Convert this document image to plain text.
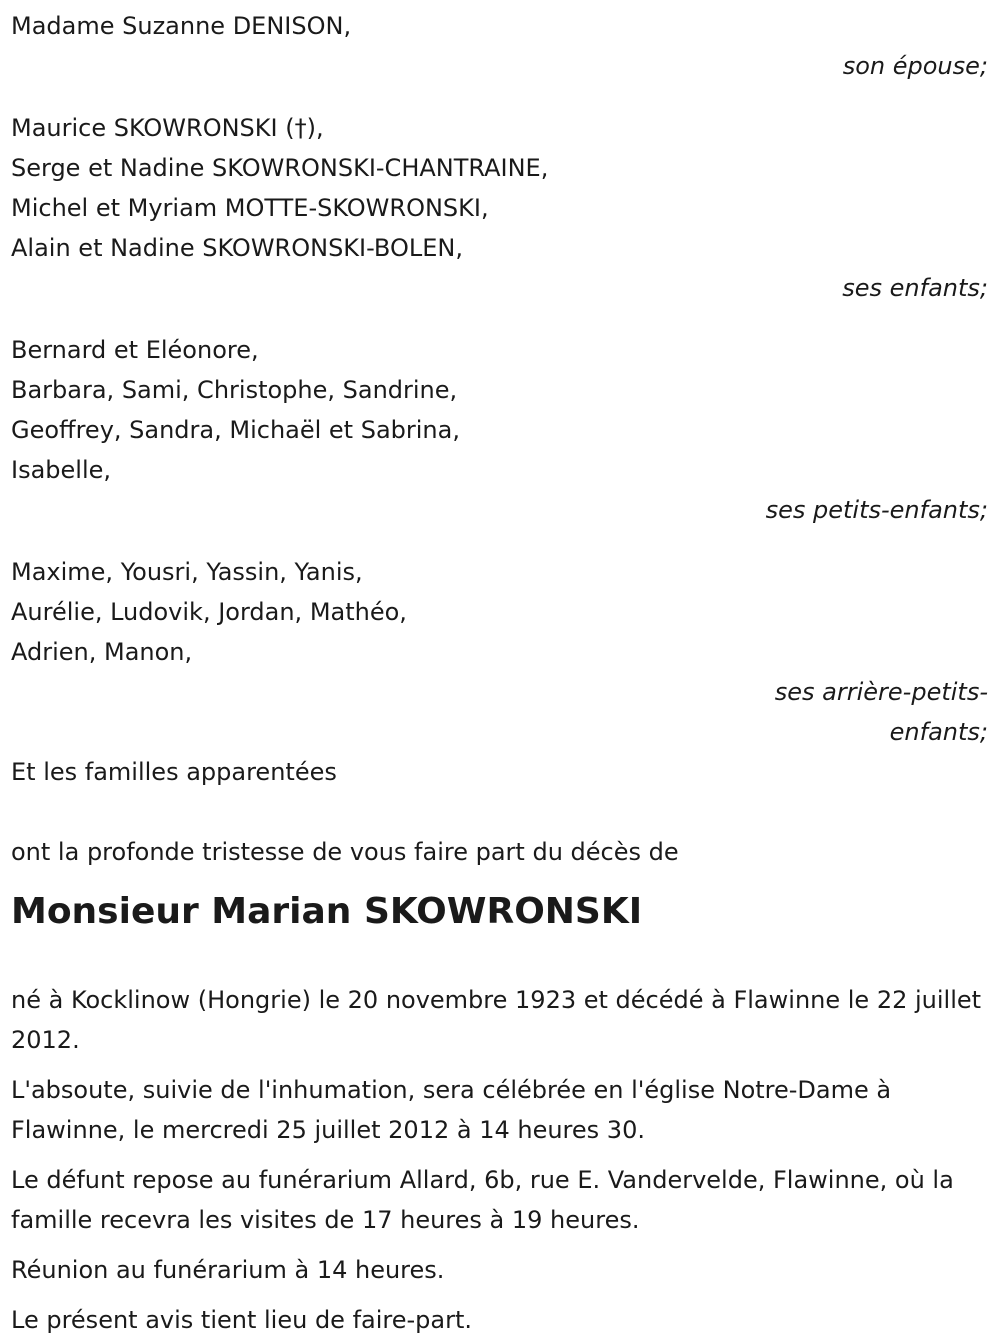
Madame Suzanne DENISON,
son épouse;
Maurice SKOWRONSKI (†),
Serge et Nadine SKOWRONSKI-CHANTRAINE,
Michel et Myriam MOTTE-SKOWRONSKI,
Alain et Nadine SKOWRONSKI-BOLEN,
ses enfants;
Bernard et Eléonore,
Barbara, Sami, Christophe, Sandrine,
Geoffrey, Sandra, Michaël et Sabrina,
Isabelle,
ses petits-enfants;
Maxime, Yousri, Yassin, Yanis,
Aurélie, Ludovik, Jordan, Mathéo,
Adrien, Manon,
ses arrière-petits-
enfants;
Et les familles apparentées
ont la profonde tristesse de vous faire part du décès de
Monsieur Marian SKOWRONSKI

né à Kocklinow (Hongrie) le 20 novembre 1923 et décédé à Flawinne le 22 juillet 2012.

L'absoute, suivie de l'inhumation, sera célébrée en l'église Notre-Dame à Flawinne, le mercredi 25 juillet 2012 à 14 heures 30.

Le défunt repose au funérarium Allard, 6b, rue E. Vandervelde, Flawinne, où la famille recevra les visites de 17 heures à 19 heures.

Réunion au funérarium à 14 heures.

Le présent avis tient lieu de faire-part.
